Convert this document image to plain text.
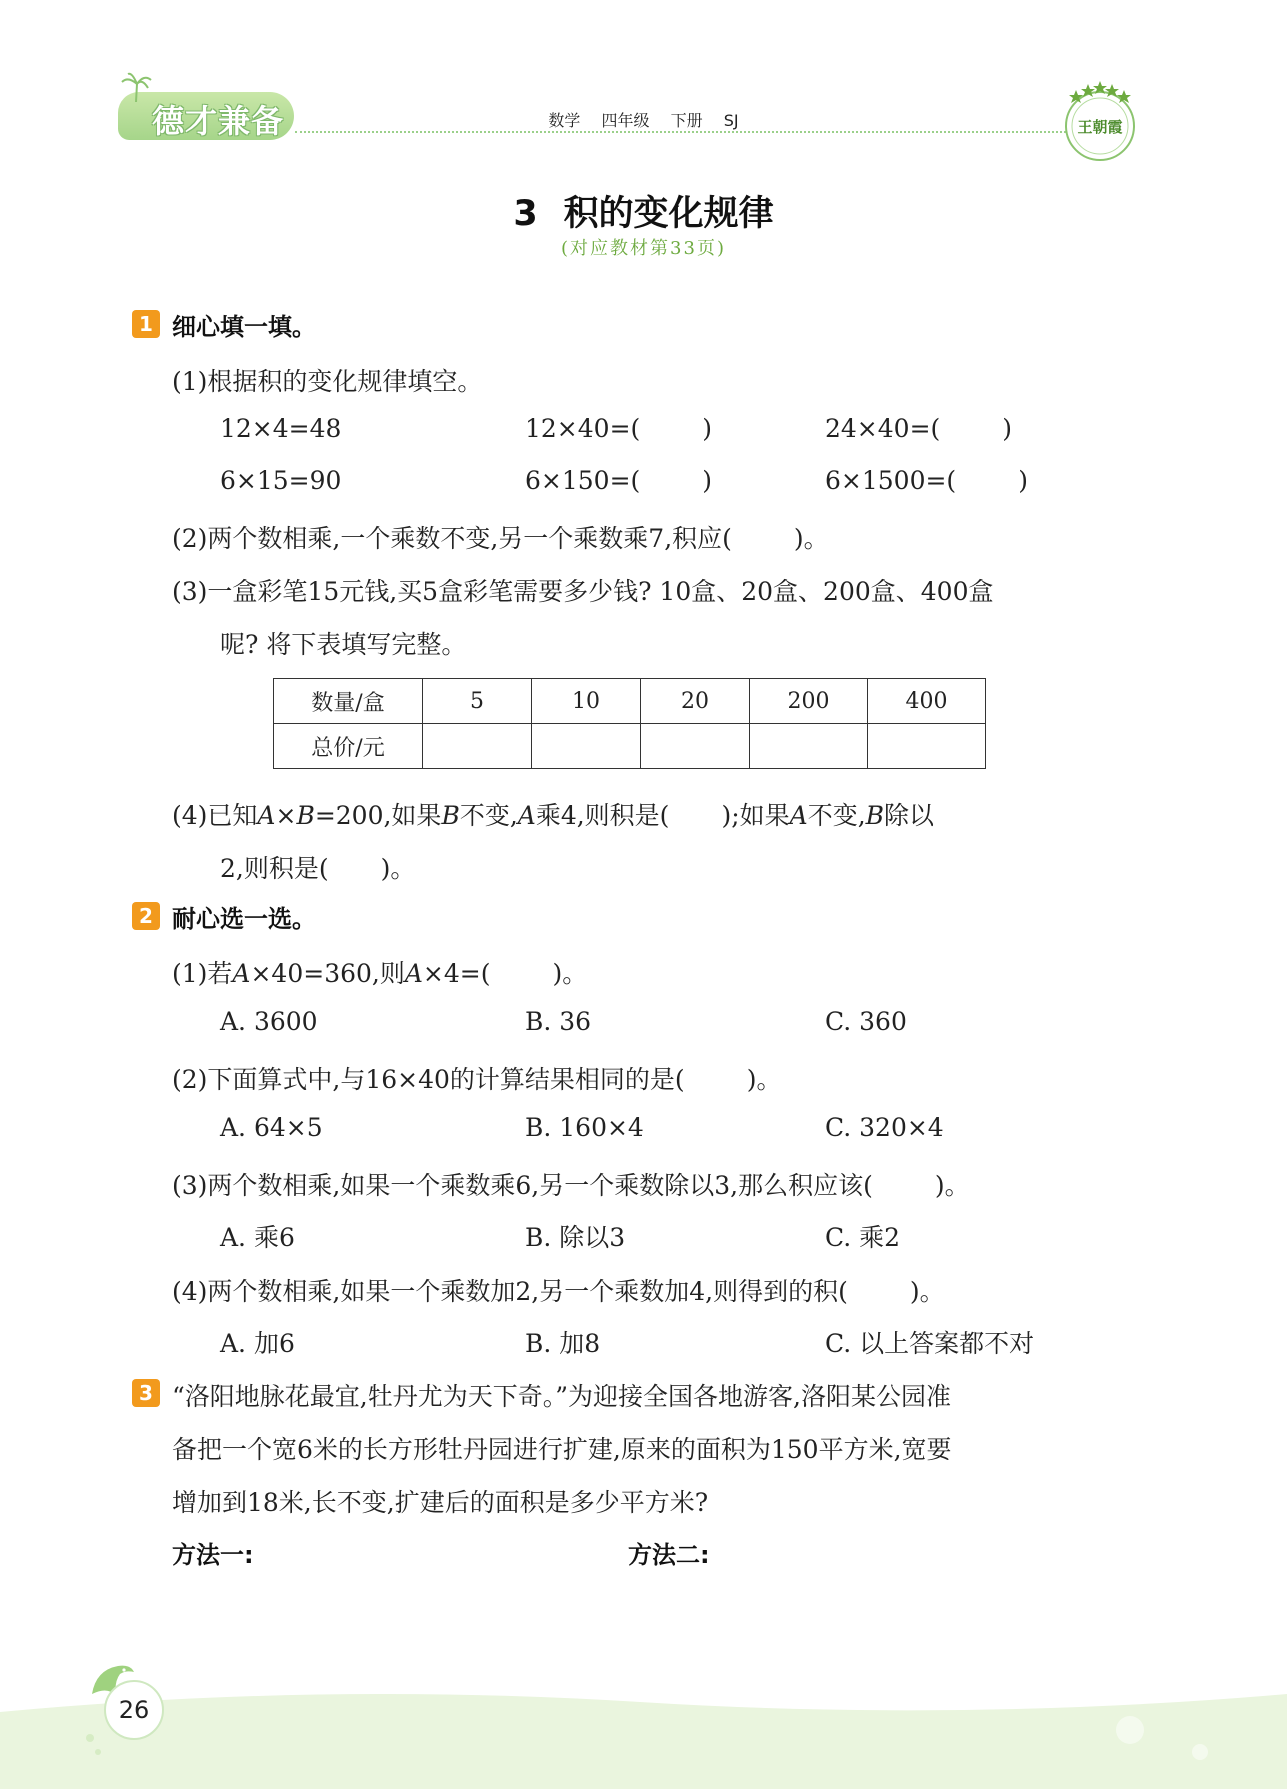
德才兼备	数学 四年级 下册 SJ	王朝霞
3 积的变化规律
(对应教材第33页)
1 细心填一填。
(1)根据积的变化规律填空。
12×4=48	12×40=( )	24×40=( )
6×15=90	6×150=( )	6×1500=( )
(2)两个数相乘,一个乘数不变,另一个乘数乘7,积应( )。
(3)一盒彩笔15元钱,买5盒彩笔需要多少钱? 10盒、20盒、200盒、400盒
呢? 将下表填写完整。
数量/盒	5	10	20	200	400
总价/元					
(4)已知A×B=200,如果B不变,A乘4,则积是( );如果A不变,B除以
2,则积是( )。
2 耐心选一选。
(1)若A×40=360,则A×4=( )。
A. 3600	B. 36	C. 360
(2)下面算式中,与16×40的计算结果相同的是( )。
A. 64×5	B. 160×4	C. 320×4
(3)两个数相乘,如果一个乘数乘6,另一个乘数除以3,那么积应该( )。
A. 乘6	B. 除以3	C. 乘2
(4)两个数相乘,如果一个乘数加2,另一个乘数加4,则得到的积( )。
A. 加6	B. 加8	C. 以上答案都不对
3 “洛阳地脉花最宜,牡丹尤为天下奇。”为迎接全国各地游客,洛阳某公园准
备把一个宽6米的长方形牡丹园进行扩建,原来的面积为150平方米,宽要
增加到18米,长不变,扩建后的面积是多少平方米?
方法一:	方法二:
26
